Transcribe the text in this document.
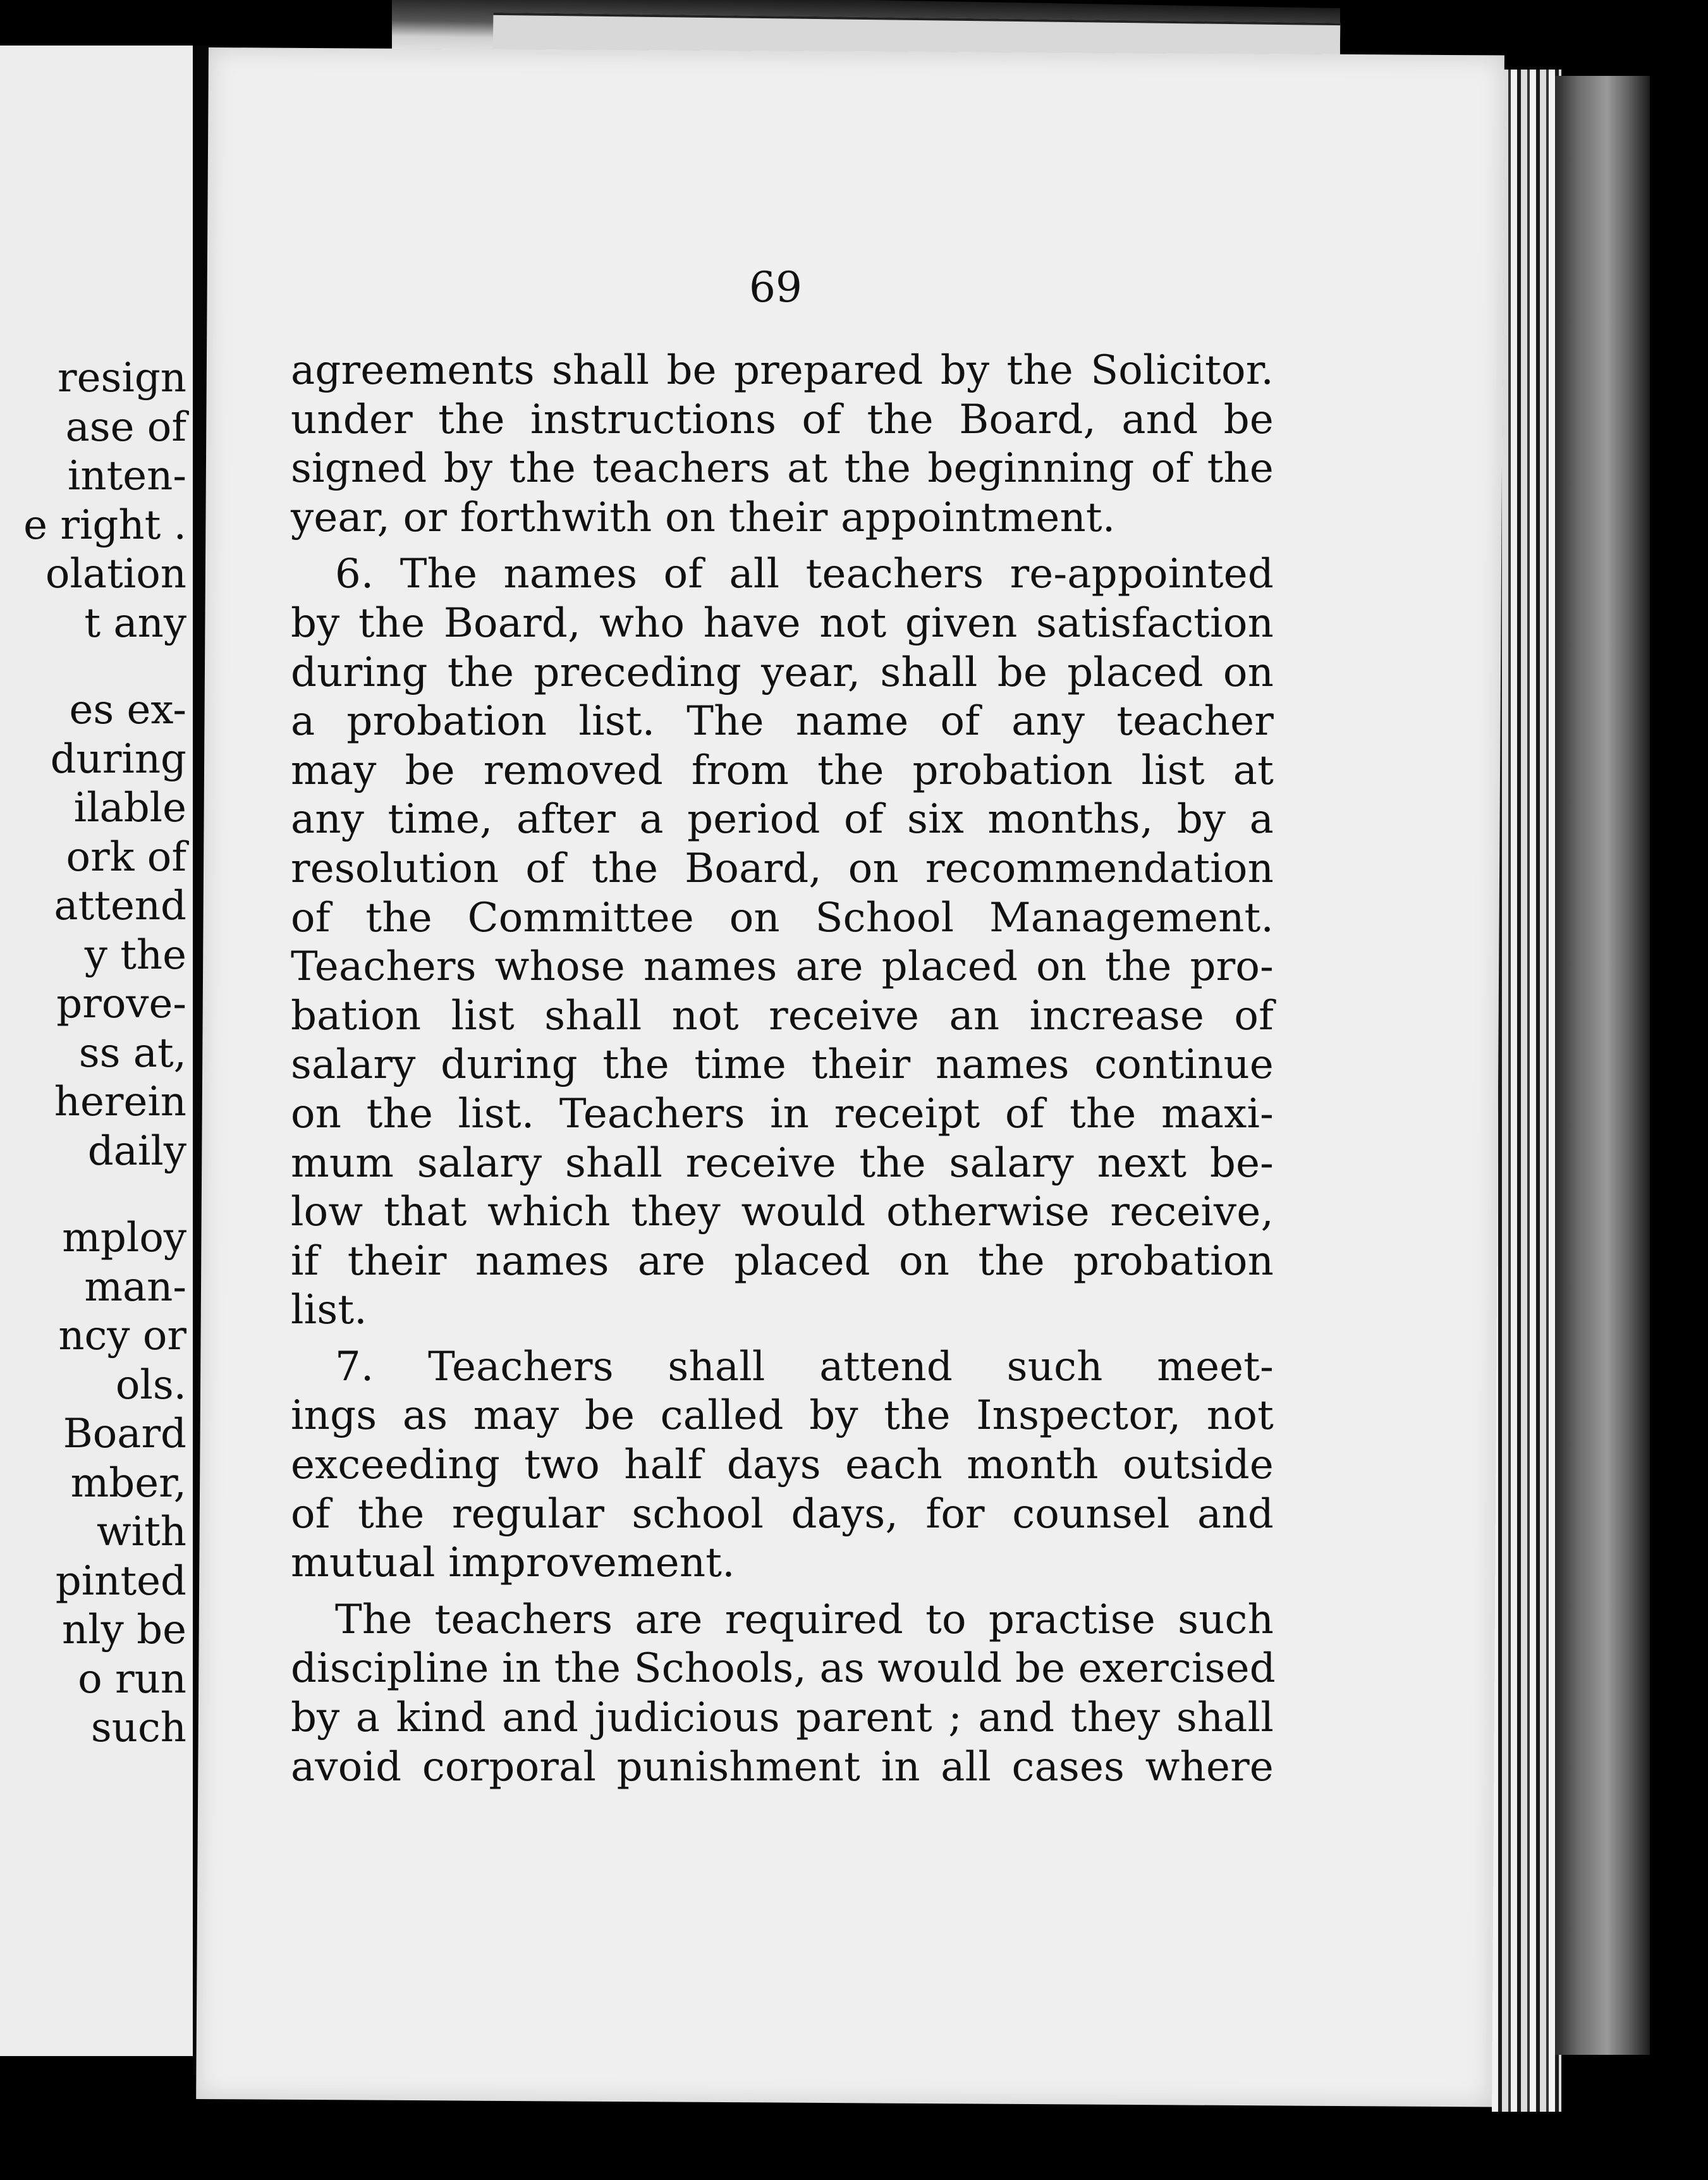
resign
ase of
inten-
e right .
olation
t any
es ex-
during
ilable
ork of
attend
y the
prove-
ss at,
herein
daily
mploy
man-
ncy or
ols.
Board
mber,
with
pinted
nly be
o run
such
69
agreements shall be prepared by the Solicitor.
under the instructions of the Board, and be
signed by the teachers at the beginning of the
year, or forthwith on their appointment.
6. The names of all teachers re-appointed
by the Board, who have not given satisfaction
during the preceding year, shall be placed on
a probation list. The name of any teacher
may be removed from the probation list at
any time, after a period of six months, by a
resolution of the Board, on recommendation
of the Committee on School Management.
Teachers whose names are placed on the pro-
bation list shall not receive an increase of
salary during the time their names continue
on the list. Teachers in receipt of the maxi-
mum salary shall receive the salary next be-
low that which they would otherwise receive,
if their names are placed on the probation
list.
7. Teachers shall attend such meet-
ings as may be called by the Inspector, not
exceeding two half days each month outside
of the regular school days, for counsel and
mutual improvement.
The teachers are required to practise such
discipline in the Schools, as would be exercised
by a kind and judicious parent ; and they shall
avoid corporal punishment in all cases where
